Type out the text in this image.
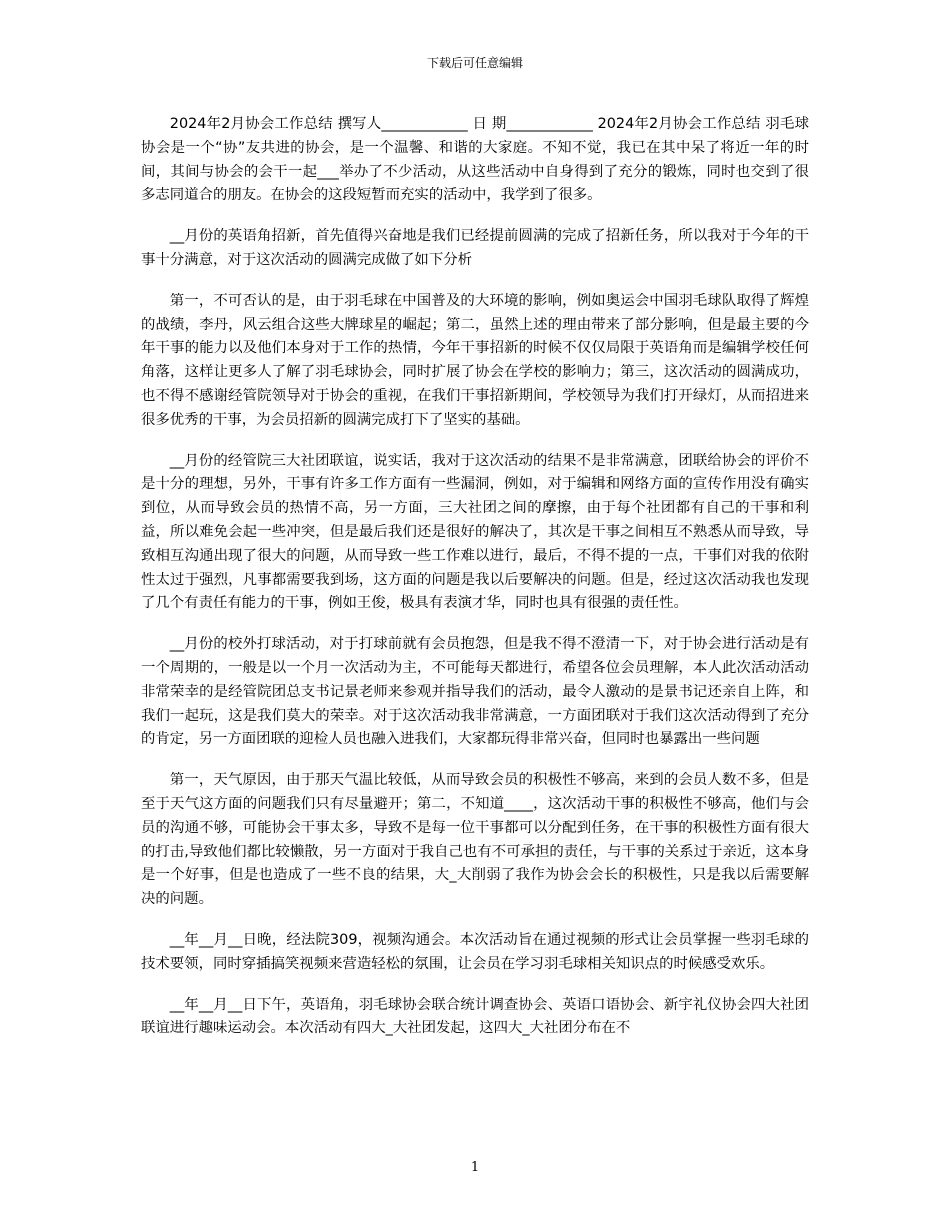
下载后可任意编辑

2024年2月协会工作总结 撰写人____________ 日 期____________ 2024年2月协会工作总结 羽毛球协会是一个“协”友共进的协会，是一个温馨、和谐的大家庭。不知不觉，我已在其中呆了将近一年的时间，其间与协会的会干一起___举办了不少活动，从这些活动中自身得到了充分的锻炼，同时也交到了很多志同道合的朋友。在协会的这段短暂而充实的活动中，我学到了很多。

__月份的英语角招新，首先值得兴奋地是我们已经提前圆满的完成了招新任务，所以我对于今年的干事十分满意，对于这次活动的圆满完成做了如下分析

第一，不可否认的是，由于羽毛球在中国普及的大环境的影响，例如奥运会中国羽毛球队取得了辉煌的战绩，李丹，风云组合这些大牌球星的崛起；第二，虽然上述的理由带来了部分影响，但是最主要的今年干事的能力以及他们本身对于工作的热情，今年干事招新的时候不仅仅局限于英语角而是编辑学校任何角落，这样让更多人了解了羽毛球协会，同时扩展了协会在学校的影响力；第三，这次活动的圆满成功，也不得不感谢经管院领导对于协会的重视，在我们干事招新期间，学校领导为我们打开绿灯，从而招进来很多优秀的干事，为会员招新的圆满完成打下了坚实的基础。

__月份的经管院三大社团联谊，说实话，我对于这次活动的结果不是非常满意，团联给协会的评价不是十分的理想，另外，干事有许多工作方面有一些漏洞，例如，对于编辑和网络方面的宣传作用没有确实到位，从而导致会员的热情不高，另一方面，三大社团之间的摩擦，由于每个社团都有自己的干事和利益，所以难免会起一些冲突，但是最后我们还是很好的解决了，其次是干事之间相互不熟悉从而导致，导致相互沟通出现了很大的问题，从而导致一些工作难以进行，最后，不得不提的一点，干事们对我的依附性太过于强烈，凡事都需要我到场，这方面的问题是我以后要解决的问题。但是，经过这次活动我也发现了几个有责任有能力的干事，例如王俊，极具有表演才华，同时也具有很强的责任性。

__月份的校外打球活动，对于打球前就有会员抱怨，但是我不得不澄清一下，对于协会进行活动是有一个周期的，一般是以一个月一次活动为主，不可能每天都进行，希望各位会员理解，本人此次活动活动非常荣幸的是经管院团总支书记景老师来参观并指导我们的活动，最令人激动的是景书记还亲自上阵，和我们一起玩，这是我们莫大的荣幸。对于这次活动我非常满意，一方面团联对于我们这次活动得到了充分的肯定，另一方面团联的迎检人员也融入进我们，大家都玩得非常兴奋，但同时也暴露出一些问题

第一，天气原因，由于那天气温比较低，从而导致会员的积极性不够高，来到的会员人数不多，但是至于天气这方面的问题我们只有尽量避开；第二，不知道____，这次活动干事的积极性不够高，他们与会员的沟通不够，可能协会干事太多，导致不是每一位干事都可以分配到任务，在干事的积极性方面有很大的打击,导致他们都比较懒散，另一方面对于我自己也有不可承担的责任，与干事的关系过于亲近，这本身是一个好事，但是也造成了一些不良的结果，大_大削弱了我作为协会会长的积极性，只是我以后需要解决的问题。

__年__月__日晚，经法院309，视频沟通会。本次活动旨在通过视频的形式让会员掌握一些羽毛球的技术要领，同时穿插搞笑视频来营造轻松的氛围，让会员在学习羽毛球相关知识点的时候感受欢乐。

__年__月__日下午，英语角，羽毛球协会联合统计调查协会、英语口语协会、新宇礼仪协会四大社团联谊进行趣味运动会。本次活动有四大_大社团发起，这四大_大社团分布在不

1
